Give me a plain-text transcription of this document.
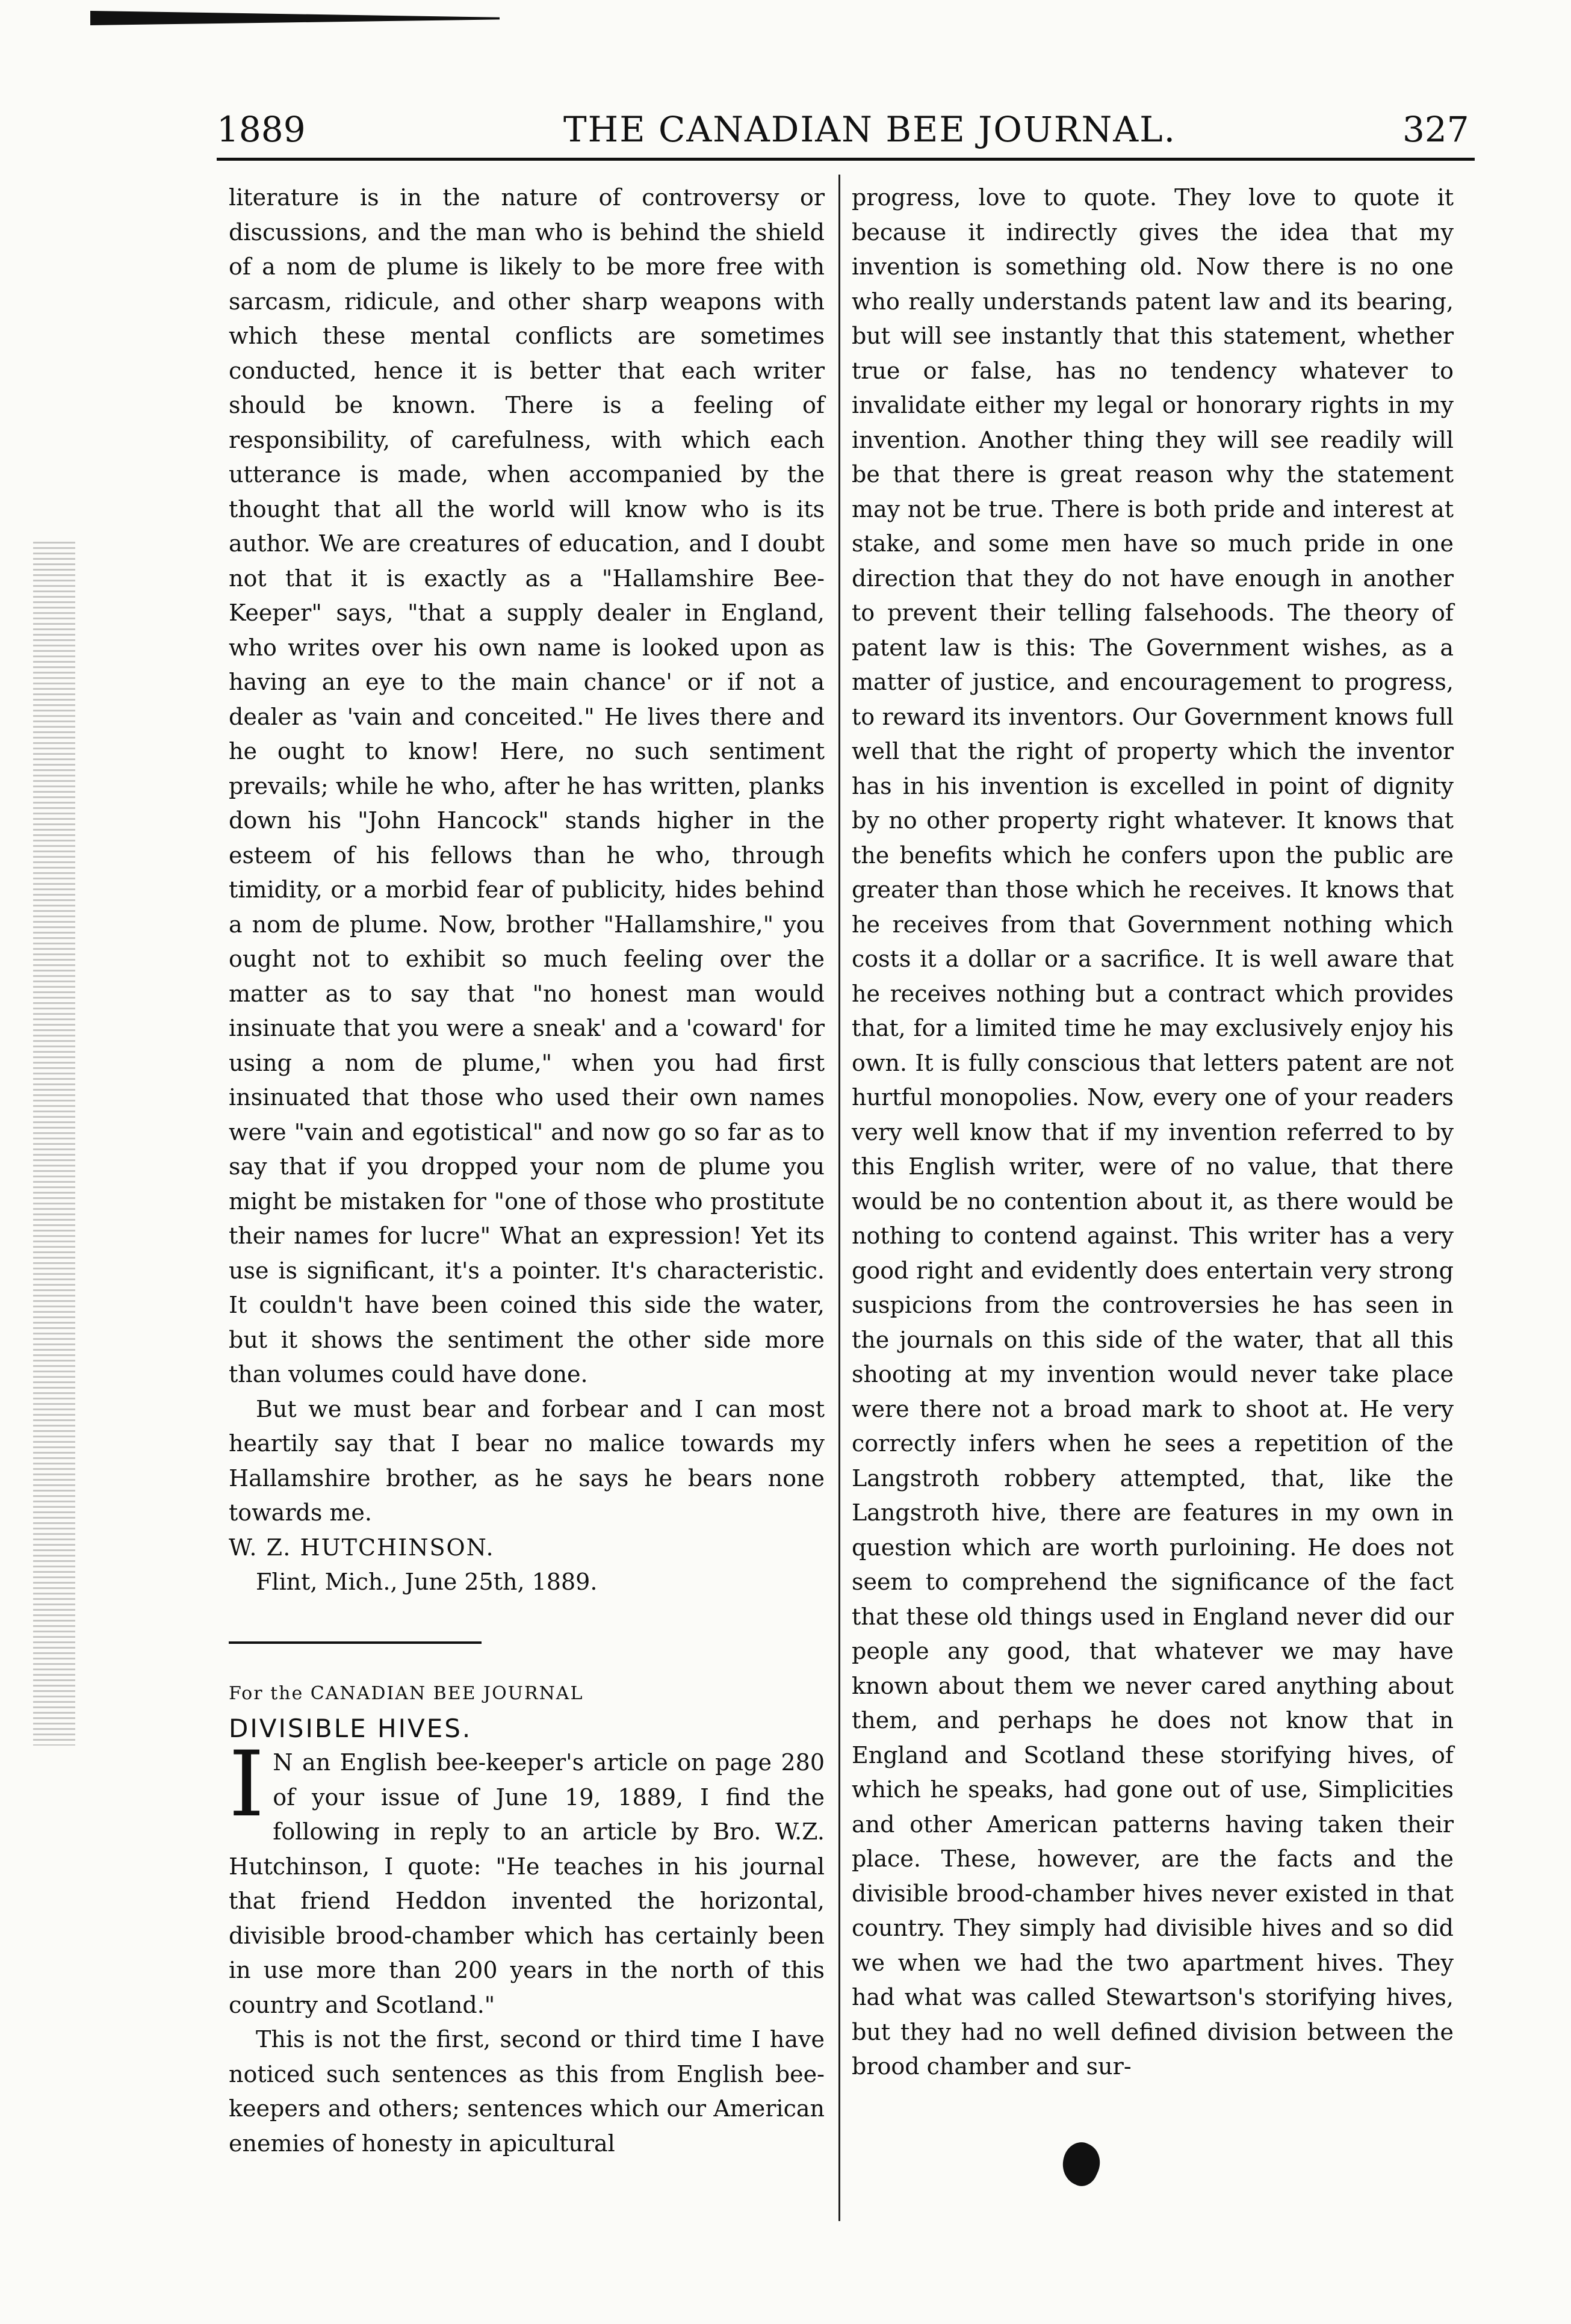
1889	THE CANADIAN BEE JOURNAL.	327

literature is in the nature of controversy or discussions, and the man who is behind the shield of a nom de plume is likely to be more free with sarcasm, ridicule, and other sharp weapons with which these mental conflicts are sometimes conducted, hence it is better that each writer should be known. There is a feeling of responsibility, of carefulness, with which each utterance is made, when accompanied by the thought that all the world will know who is its author. We are creatures of education, and I doubt not that it is exactly as a "Hallamshire Bee-Keeper" says, "that a supply dealer in England, who writes over his own name is looked upon as having an eye to the main chance' or if not a dealer as 'vain and conceited." He lives there and he ought to know! Here, no such sentiment prevails; while he who, after he has written, planks down his "John Hancock" stands higher in the esteem of his fellows than he who, through timidity, or a morbid fear of publicity, hides behind a nom de plume. Now, brother "Hallamshire," you ought not to exhibit so much feeling over the matter as to say that "no honest man would insinuate that you were a sneak' and a 'coward' for using a nom de plume," when you had first insinuated that those who used their own names were "vain and egotistical" and now go so far as to say that if you dropped your nom de plume you might be mistaken for "one of those who prostitute their names for lucre" What an expression! Yet its use is significant, it's a pointer. It's characteristic. It couldn't have been coined this side the water, but it shows the sentiment the other side more than volumes could have done.

But we must bear and forbear and I can most heartily say that I bear no malice towards my Hallamshire brother, as he says he bears none towards me.

W. Z. HUTCHINSON.

Flint, Mich., June 25th, 1889.

For the CANADIAN BEE JOURNAL

DIVISIBLE HIVES.

I N an English bee-keeper's article on page 280 of your issue of June 19, 1889, I find the following in reply to an article by Bro. W.Z. Hutchinson, I quote: "He teaches in his journal that friend Heddon invented the horizontal, divisible brood-chamber which has certainly been in use more than 200 years in the north of this country and Scotland."

This is not the first, second or third time I have noticed such sentences as this from English bee-keepers and others; sentences which our American enemies of honesty in apicultural

progress, love to quote. They love to quote it because it indirectly gives the idea that my invention is something old. Now there is no one who really understands patent law and its bearing, but will see instantly that this statement, whether true or false, has no tendency whatever to invalidate either my legal or honorary rights in my invention. Another thing they will see readily will be that there is great reason why the statement may not be true. There is both pride and interest at stake, and some men have so much pride in one direction that they do not have enough in another to prevent their telling falsehoods. The theory of patent law is this: The Government wishes, as a matter of justice, and encouragement to progress, to reward its inventors. Our Government knows full well that the right of property which the inventor has in his invention is excelled in point of dignity by no other property right whatever. It knows that the benefits which he confers upon the public are greater than those which he receives. It knows that he receives from that Government nothing which costs it a dollar or a sacrifice. It is well aware that he receives nothing but a contract which provides that, for a limited time he may exclusively enjoy his own. It is fully conscious that letters patent are not hurtful monopolies. Now, every one of your readers very well know that if my invention referred to by this English writer, were of no value, that there would be no contention about it, as there would be nothing to contend against. This writer has a very good right and evidently does entertain very strong suspicions from the controversies he has seen in the journals on this side of the water, that all this shooting at my invention would never take place were there not a broad mark to shoot at. He very correctly infers when he sees a repetition of the Langstroth robbery attempted, that, like the Langstroth hive, there are features in my own in question which are worth purloining. He does not seem to comprehend the significance of the fact that these old things used in England never did our people any good, that whatever we may have known about them we never cared anything about them, and perhaps he does not know that in England and Scotland these storifying hives, of which he speaks, had gone out of use, Simplicities and other American patterns having taken their place. These, however, are the facts and the divisible brood-chamber hives never existed in that country. They simply had divisible hives and so did we when we had the two apartment hives. They had what was called Stewartson's storifying hives, but they had no well defined division between the brood chamber and sur-
